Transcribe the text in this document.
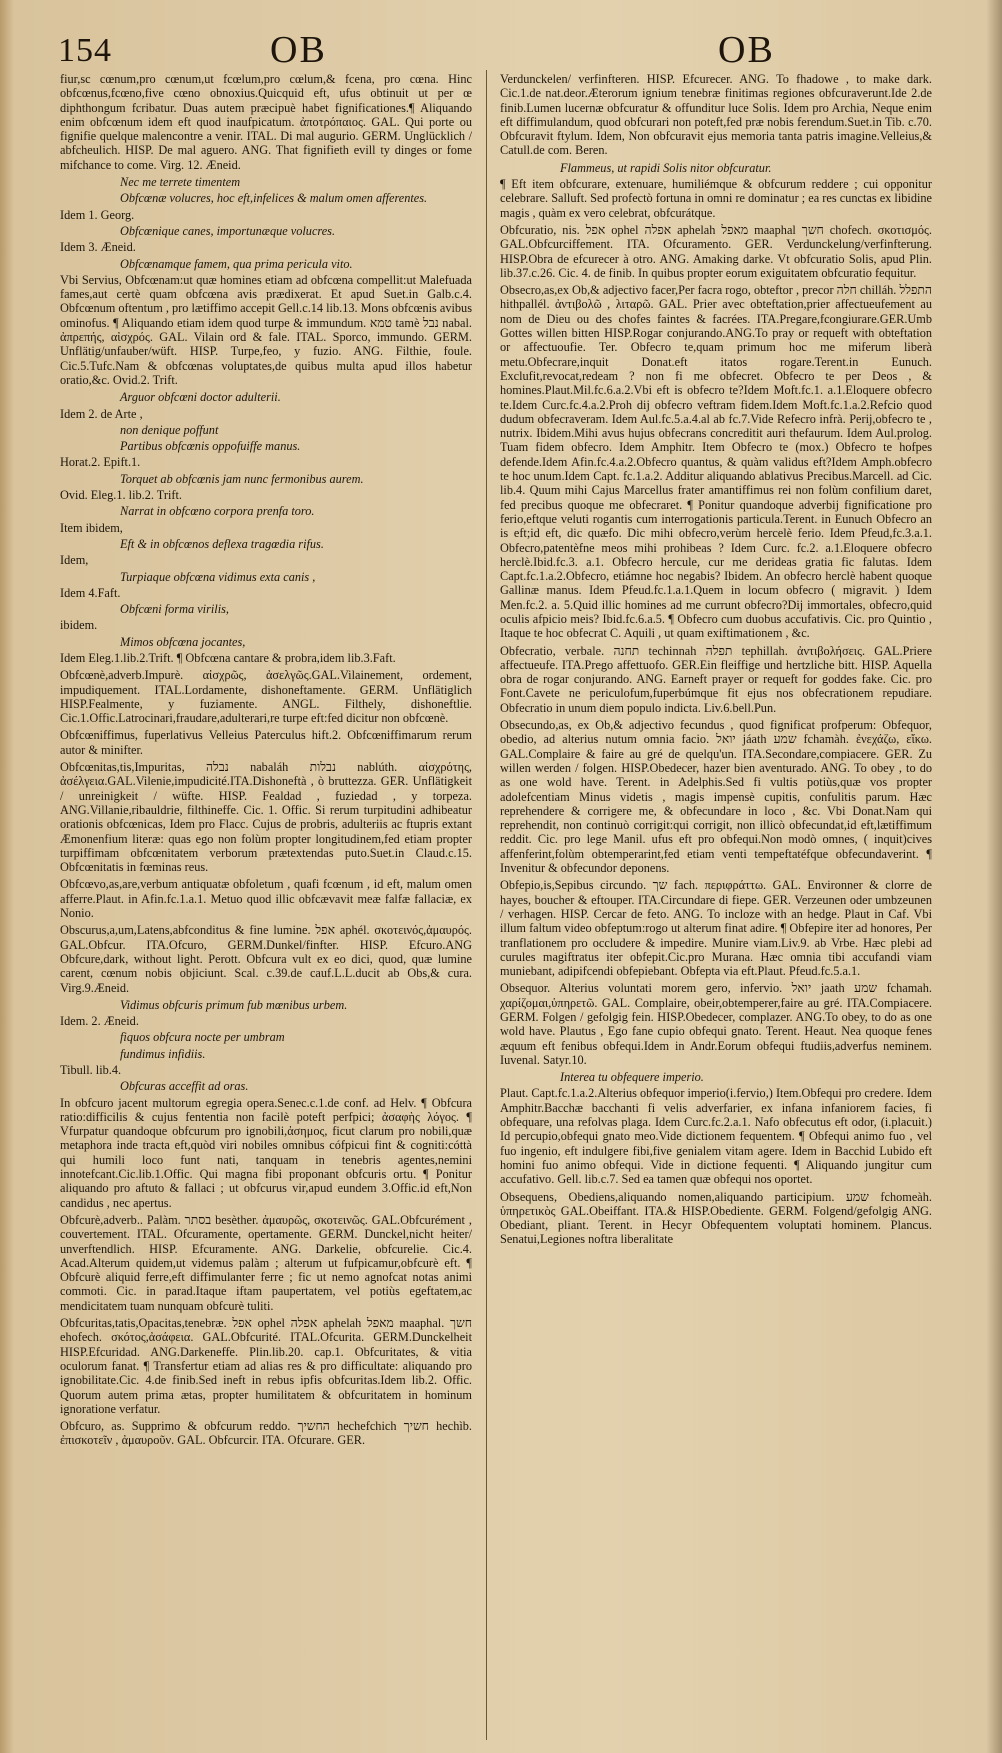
154	OB	OB

fiur,sc cœnum,pro cœnum,ut fcœlum,pro cœlum,& fcena, pro cœna. Hinc obfcœnus,fcœno,five cœno obnoxius.Quicquid eft, ufus obtinuit ut per œ diphthongum fcribatur. Duas autem præcipuè habet fignificationes.¶ Aliquando enim obfcœnum idem eft quod inaufpicatum. ἀποτρόπαιος. GAL. Qui porte ou fignifie quelque malencontre a venir. ITAL. Di mal augurio. GERM. Unglücklich / abfcheulich. HISP. De mal aguero. ANG. That fignifieth evill ty dinges or fome mifchance to come. Virg. 12. Æneid.

Nec me terrete timentem

Obfcœnæ volucres, hoc eft,infelices & malum omen afferentes.

Idem 1. Georg.

Obfcœnique canes, importunæque volucres.

Idem 3. Æneid.

Obfcœnamque famem, qua prima pericula vito.

Vbi Servius, Obfcœnam:ut quæ homines etiam ad obfcœna compellit:ut Malefuada fames,aut certè quam obfcœna avis prædixerat. Et apud Suet.in Galb.c.4. Obfcœnum oftentum , pro lætiffimo accepit Gell.c.14 lib.13. Mons obfcœnis avibus ominofus. ¶ Aliquando etiam idem quod turpe & immundum. טמא tamè נבל nabal. ἀπρεπής, αἰσχρός. GAL. Vilain ord & fale. ITAL. Sporco, immundo. GERM. Unflätig/unfauber/wüft. HISP. Turpe,feo, y fuzio. ANG. Filthie, foule. Cic.5.Tufc.Nam & obfcœnas voluptates,de quibus multa apud illos habetur oratio,&c. Ovid.2. Trift.

Arguor obfcœni doctor adulterii.

Idem 2. de Arte ,

non denique poffunt

Partibus obfcœnis oppofuiffe manus.

Horat.2. Epift.1.

Torquet ab obfcœnis jam nunc fermonibus aurem.

Ovid. Eleg.1. lib.2. Trift.

Narrat in obfcœno corpora prenfa toro.

Item ibidem,

Eft & in obfcœnos deflexa tragœdia rifus.

Idem,

Turpiaque obfcœna vidimus exta canis ,

Idem 4.Faft.

Obfcœni forma virilis,

ibidem.

Mimos obfcœna jocantes,

Idem Eleg.1.lib.2.Trift. ¶ Obfcœna cantare & probra,idem lib.3.Faft.

Obfcœnè,adverb.Impurè. αἰσχρῶς, ἀσελγῶς.GAL.Vilainement, ordement, impudiquement. ITAL.Lordamente, dishoneftamente. GERM. Unflätiglich HISP.Fealmente, y fuziamente. ANGL. Filthely, dishoneftlie. Cic.1.Offic.Latrocinari,fraudare,adulterari,re turpe eft:fed dicitur non obfcœnè.

Obfcœniffimus, fuperlativus Velleius Paterculus hift.2. Obfcœniffimarum rerum autor & minifter.

Obfcœnitas,tis,Impuritas, נבלה nabaláh נבלות nablúth. αἰσχρότης, ἀσέλγεια.GAL.Vilenie,impudicité.ITA.Dishoneftà , ò bruttezza. GER. Unflätigkeit / unreinigkeit / wüfte. HISP. Fealdad , fuziedad , y torpeza. ANG.Villanie,ribauldrie, filthineffe. Cic. 1. Offic. Si rerum turpitudini adhibeatur orationis obfcœnicas, Idem pro Flacc. Cujus de probris, adulteriis ac ftupris extant Æmonenfium literæ: quas ego non folùm propter longitudinem,fed etiam propter turpiffimam obfcœnitatem verborum prætextendas puto.Suet.in Claud.c.15. Obfcœnitatis in fœminas reus.

Obfcœvo,as,are,verbum antiquatæ obfoletum , quafi fcœnum , id eft, malum omen afferre.Plaut. in Afin.fc.1.a.1. Metuo quod illic obfcævavit meæ falfæ fallaciæ, ex Nonio.

Obscurus,a,um,Latens,abfconditus & fine lumine. אפל aphél. σκοτεινός,ἀμαυρός. GAL.Obfcur. ITA.Ofcuro, GERM.Dunkel/finfter. HISP. Efcuro.ANG Obfcure,dark, without light. Perott. Obfcura vult ex eo dici, quod, quæ lumine carent, cœnum nobis objiciunt. Scal. c.39.de cauf.L.L.ducit ab Obs,& cura. Virg.9.Æneid.

Vidimus obfcuris primum fub mœnibus urbem.

Idem. 2. Æneid.

fiquos obfcura nocte per umbram

fundimus infidiis.

Tibull. lib.4.

Obfcuras acceffit ad oras.

In obfcuro jacent multorum egregia opera.Senec.c.1.de conf. ad Helv. ¶ Obfcura ratio:difficilis & cujus fententia non facilè poteft perfpici; ἀσαφὴς λόγος. ¶ Vfurpatur quandoque obfcurum pro ignobili,ἀσημος, ficut clarum pro nobili,quæ metaphora inde tracta eft,quòd viri nobiles omnibus cófpicui fint & cogniti:cóttà qui humili loco funt nati, tanquam in tenebris agentes,nemini innotefcant.Cic.lib.1.Offic. Qui magna fibi proponant obfcuris ortu. ¶ Ponitur aliquando pro aftuto & fallaci ; ut obfcurus vir,apud eundem 3.Offic.id eft,Non candidus , nec apertus.

Obfcurè,adverb.. Palàm. בסתר besèther. ἀμαυρῶς, σκοτεινῶς. GAL.Obfcurément , couvertement. ITAL. Ofcuramente, opertamente. GERM. Dunckel,nicht heiter/ unverftendlich. HISP. Efcuramente. ANG. Darkelie, obfcurelie. Cic.4. Acad.Alterum quidem,ut videmus palàm ; alterum ut fufpicamur,obfcurè eft. ¶ Obfcurè aliquid ferre,eft diffimulanter ferre ; fic ut nemo agnofcat notas animi commoti. Cic. in parad.Itaque iftam paupertatem, vel potiùs egeftatem,ac mendicitatem tuam nunquam obfcurè tuliti.

Obfcuritas,tatis,Opacitas,tenebræ. אפל ophel אפלה aphelah מאפל maaphal. חשך ehofech. σκότος,ἀσάφεια. GAL.Obfcurité. ITAL.Ofcurita. GERM.Dunckelheit HISP.Efcuridad. ANG.Darkeneffe. Plin.lib.20. cap.1. Obfcuritates, & vitia oculorum fanat. ¶ Transfertur etiam ad alias res & pro difficultate: aliquando pro ignobilitate.Cic. 4.de finib.Sed ineft in rebus ipfis obfcuritas.Idem lib.2. Offic. Quorum autem prima ætas, propter humilitatem & obfcuritatem in hominum ignoratione verfatur.

Obfcuro, as. Supprimo & obfcurum reddo. החשיך hechefchich חשיך hechìb. ἐπισκοτεῖν , ἀμαυροῦν. GAL. Obfcurcir. ITA. Ofcurare. GER.

Verdunckelen/ verfinfteren. HISP. Efcurecer. ANG. To fhadowe , to make dark. Cic.1.de nat.deor.Æterorum ignium tenebræ finitimas regiones obfcuraverunt.Ide 2.de finib.Lumen lucernæ obfcuratur & offunditur luce Solis. Idem pro Archia, Neque enim eft diffimulandum, quod obfcurari non poteft,fed præ nobis ferendum.Suet.in Tib. c.70. Obfcuravit ftylum. Idem, Non obfcuravit ejus memoria tanta patris imagine.Velleius,& Catull.de com. Beren.

Flammeus, ut rapidi Solis nitor obfcuratur.

¶ Eft item obfcurare, extenuare, humiliémque & obfcurum reddere ; cui opponitur celebrare. Salluft. Sed profectò fortuna in omni re dominatur ; ea res cunctas ex libidine magis , quàm ex vero celebrat, obfcurátque.

Obfcuratio, nis. אפל ophel אפלה aphelah מאפל maaphal חשך chofech. σκοτισμός. GAL.Obfcurciffement. ITA. Ofcuramento. GER. Verdunckelung/verfinfterung. HISP.Obra de efcurecer à otro. ANG. Amaking darke. Vt obfcuratio Solis, apud Plin. lib.37.c.26. Cic. 4. de finib. In quibus propter eorum exiguitatem obfcuratio fequitur.

Obsecro,as,ex Ob,& adjectivo facer,Per facra rogo, obteftor , precor חלה chilláh. התפלל hithpallél. ἀντιβολῶ , λιταρῶ. GAL. Prier avec obteftation,prier affectueufement au nom de Dieu ou des chofes faintes & facrées. ITA.Pregare,fcongiurare.GER.Umb Gottes willen bitten HISP.Rogar conjurando.ANG.To pray or requeft with obteftation or affectuoufie. Ter. Obfecro te,quam primum hoc me miferum liberà metu.Obfecrare,inquit Donat.eft itatos rogare.Terent.in Eunuch. Exclufit,revocat,redeam ? non fi me obfecret. Obfecro te per Deos , & homines.Plaut.Mil.fc.6.a.2.Vbi eft is obfecro te?Idem Moft.fc.1. a.1.Eloquere obfecro te.Idem Curc.fc.4.a.2.Proh dij obfecro veftram fidem.Idem Moft.fc.1.a.2.Refcio quod dudum obfecraveram. Idem Aul.fc.5.a.4.al ab fc.7.Vide Refecro infrà. Perij,obfecro te , nutrix. Ibidem.Mihi avus hujus obfecrans concreditit auri thefaurum. Idem Aul.prolog. Tuam fidem obfecro. Idem Amphitr. Item Obfecro te (mox.) Obfecro te hofpes defende.Idem Afin.fc.4.a.2.Obfecro quantus, & quàm validus eft?Idem Amph.obfecro te hoc unum.Idem Capt. fc.1.a.2. Additur aliquando ablativus Precibus.Marcell. ad Cic. lib.4. Quum mihi Cajus Marcellus frater amantiffimus rei non folùm confilium daret, fed precibus quoque me obfecraret. ¶ Ponitur quandoque adverbij fignificatione pro ferio,eftque veluti rogantis cum interrogationis particula.Terent. in Eunuch Obfecro an is eft;id eft, dic quæfo. Dic mihi obfecro,verùm hercelè ferio. Idem Pfeud,fc.3.a.1. Obfecro,patentèfne meos mihi prohibeas ? Idem Curc. fc.2. a.1.Eloquere obfecro herclè.Ibid.fc.3. a.1. Obfecro hercule, cur me derideas gratia fic falutas. Idem Capt.fc.1.a.2.Obfecro, etiámne hoc negabis? Ibidem. An obfecro herclè habent quoque Gallinæ manus. Idem Pfeud.fc.1.a.1.Quem in locum obfecro ( migravit. ) Idem Men.fc.2. a. 5.Quid illic homines ad me currunt obfecro?Dij immortales, obfecro,quid oculis afpicio meis? Ibid.fc.6.a.5. ¶ Obfecro cum duobus accufativis. Cic. pro Quintio , Itaque te hoc obfecrat C. Aquili , ut quam exiftimationem , &c.

Obfecratio, verbale. תחנה techinnah תפלה tephillah. ἀντιβολήσεις. GAL.Priere affectueufe. ITA.Prego affettuofo. GER.Ein fleiffige und hertzliche bitt. HISP. Aquella obra de rogar conjurando. ANG. Earneft prayer or requeft for goddes fake. Cic. pro Font.Cavete ne periculofum,fuperbúmque fit ejus nos obfecrationem repudiare. Obfecratio in unum diem populo indicta. Liv.6.bell.Pun.

Obsecundo,as, ex Ob,& adjectivo fecundus , quod fignificat profperum: Obfequor, obedio, ad alterius nutum omnia facio. יואל jáath שמע fchamàh. ἐνεχάζω, εἴκω. GAL.Complaire & faire au gré de quelqu'un. ITA.Secondare,compiacere. GER. Zu willen werden / folgen. HISP.Obedecer, hazer bien aventurado. ANG. To obey , to do as one wold have. Terent. in Adelphis.Sed fi vultis potiùs,quæ vos propter adolefcentiam Minus videtis , magis impensè cupitis, confulitis parum. Hæc reprehendere & corrigere me, & obfecundare in loco , &c. Vbi Donat.Nam qui reprehendit, non continuò corrigit:qui corrigit, non illicò obfecundat,id eft,lætiffimum reddit. Cic. pro lege Manil. ufus eft pro obfequi.Non modò omnes, ( inquit)cives affenferint,folùm obtemperarint,fed etiam venti tempeftatéfque obfecundaverint. ¶ Invenitur & obfecundor deponens.

Obfepio,is,Sepibus circundo. שך fach. περιφράττω. GAL. Environner & clorre de hayes, boucher & eftouper. ITA.Circundare di fiepe. GER. Verzeunen oder umbzeunen / verhagen. HISP. Cercar de feto. ANG. To incloze with an hedge. Plaut in Caf. Vbi illum faltum video obfeptum:rogo ut alterum finat adire. ¶ Obfepire iter ad honores, Per tranflationem pro occludere & impedire. Munire viam.Liv.9. ab Vrbe. Hæc plebi ad curules magiftratus iter obfepit.Cic.pro Murana. Hæc omnia tibi accufandi viam muniebant, adipifcendi obfepiebant. Obfepta via eft.Plaut. Pfeud.fc.5.a.1.

Obsequor. Alterius voluntati morem gero, infervio. יואל jaath שמע fchamah. χαρίζομαι,ὑπηρετῶ. GAL. Complaire, obeir,obtemperer,faire au gré. ITA.Compiacere. GERM. Folgen / gefolgig fein. HISP.Obedecer, complazer. ANG.To obey, to do as one wold have. Plautus , Ego fane cupio obfequi gnato. Terent. Heaut. Nea quoque fenes æquum eft fenibus obfequi.Idem in Andr.Eorum obfequi ftudiis,adverfus neminem. Iuvenal. Satyr.10.

Interea tu obfequere imperio.

Plaut. Capt.fc.1.a.2.Alterius obfequor imperio(i.fervio,) Item.Obfequi pro credere. Idem Amphitr.Bacchæ bacchanti fi velis adverfarier, ex infana infaniorem facies, fi obfequare, una refolvas plaga. Idem Curc.fc.2.a.1. Nafo obfecutus eft odor, (i.placuit.) Id percupio,obfequi gnato meo.Vide dictionem fequentem. ¶ Obfequi animo fuo , vel fuo ingenio, eft indulgere fibi,five genialem vitam agere. Idem in Bacchid Lubido eft homini fuo animo obfequi. Vide in dictione fequenti. ¶ Aliquando jungitur cum accufativo. Gell. lib.c.7. Sed ea tamen quæ obfequi nos oportet.

Obsequens, Obediens,aliquando nomen,aliquando participium. שמע fchomeàh. ὑπηρετικὸς GAL.Obeiffant. ITA.& HISP.Obediente. GERM. Folgend/gefolgig ANG. Obediant, pliant. Terent. in Hecyr Obfequentem voluptati hominem. Plancus. Senatui,Legiones noftra liberalitate
